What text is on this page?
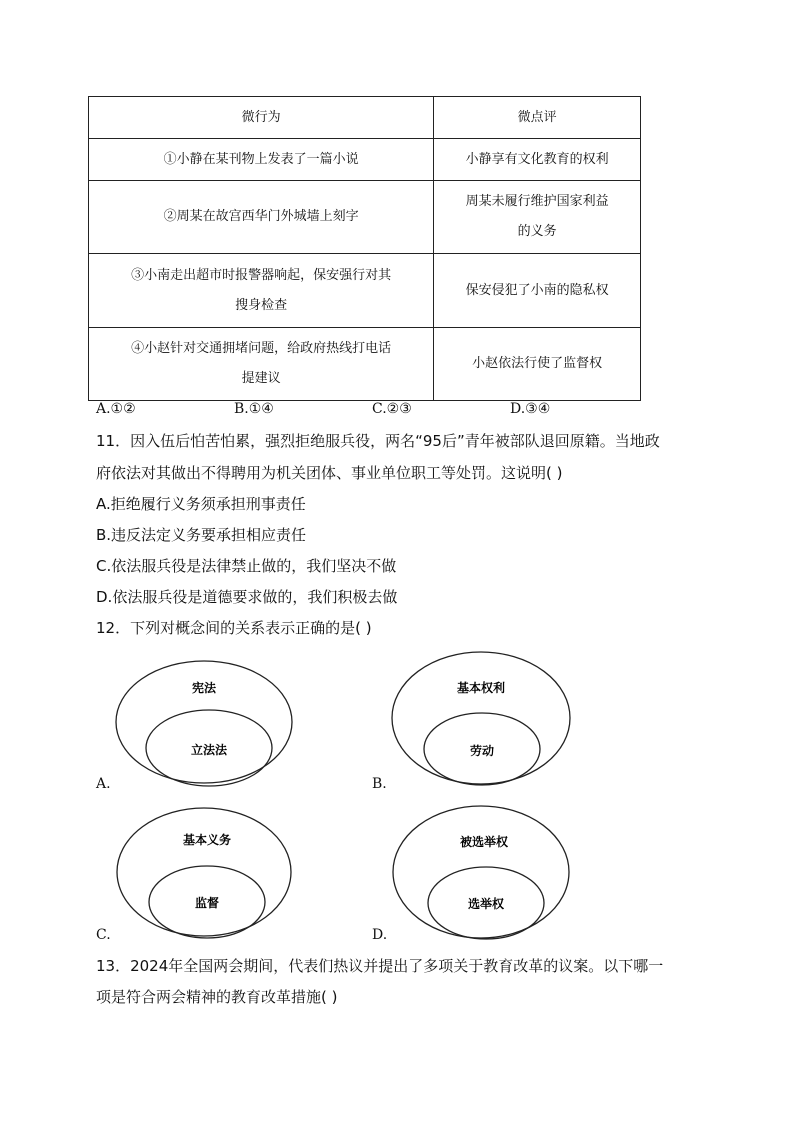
微行为	微点评

①小静在某刊物上发表了一篇小说	小静享有文化教育的权利

②周某在故宫西华门外城墙上刻字	周某未履行维护国家利益
的义务

③小南走出超市时报警器响起，保安强行对其
搜身检查	保安侵犯了小南的隐私权

④小赵针对交通拥堵问题，给政府热线打电话
提建议	小赵依法行使了监督权
A.①②	B.①④	C.②③	D.③④
11．因入伍后怕苦怕累，强烈拒绝服兵役，两名“95后”青年被部队退回原籍。当地政
府依法对其做出不得聘用为机关团体、事业单位职工等处罚。这说明( )
A.拒绝履行义务须承担刑事责任
B.违反法定义务要承担相应责任
C.依法服兵役是法律禁止做的，我们坚决不做
D.依法服兵役是道德要求做的，我们积极去做
12．下列对概念间的关系表示正确的是( )
宪法
立法法
A.
基本权利
劳动
B.
基本义务
监督
C.
被选举权
选举权
D.
13．2024年全国两会期间，代表们热议并提出了多项关于教育改革的议案。以下哪一
项是符合两会精神的教育改革措施( )
